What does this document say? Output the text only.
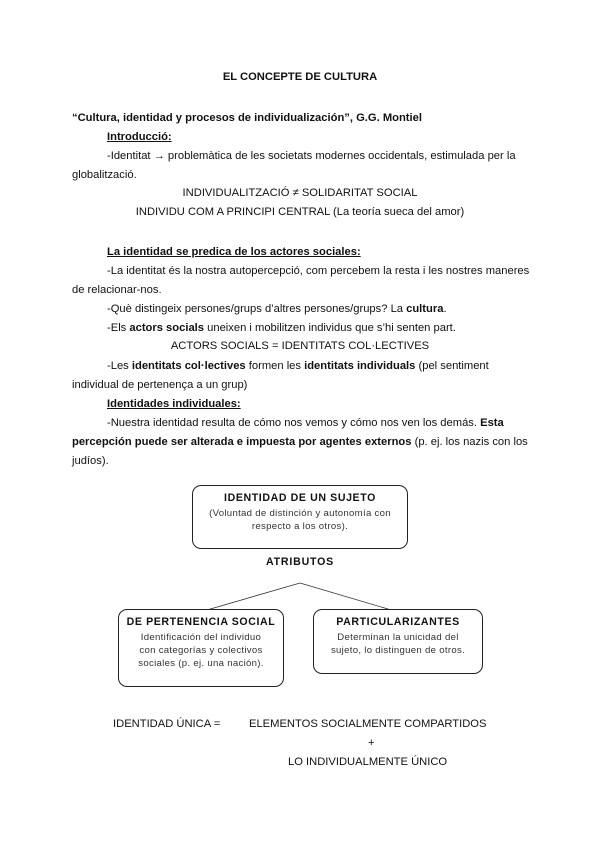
EL CONCEPTE DE CULTURA
“Cultura, identidad y procesos de individualización”, G.G. Montiel
Introducció:
-Identitat → problemàtica de les societats modernes occidentals, estimulada per la
globalització.
INDIVIDUALITZACIÓ ≠ SOLIDARITAT SOCIAL
INDIVIDU COM A PRINCIPI CENTRAL (La teoría sueca del amor)
La identidad se predica de los actores sociales:
-La identitat és la nostra autopercepció, com percebem la resta i les nostres maneres
de relacionar-nos.
-Què distingeix persones/grups d’altres persones/grups? La cultura.
-Els actors socials uneixen i mobilitzen individus que s’hi senten part.
ACTORS SOCIALS = IDENTITATS COL·LECTIVES
-Les identitats col·lectives formen les identitats individuals (pel sentiment
individual de pertenença a un grup)
Identidades individuales:
-Nuestra identidad resulta de cómo nos vemos y cómo nos ven los demás. Esta
percepción puede ser alterada e impuesta por agentes externos (p. ej. los nazis con los
judíos).
IDENTIDAD DE UN SUJETO
(Voluntad de distinción y autonomía con
respecto a los otros).
ATRIBUTOS
DE PERTENENCIA SOCIAL
Identificación del individuo
con categorías y colectivos
sociales (p. ej. una nación).
PARTICULARIZANTES
Determinan la unicidad del
sujeto, lo distinguen de otros.
IDENTIDAD ÚNICA =	ELEMENTOS SOCIALMENTE COMPARTIDOS
+
LO INDIVIDUALMENTE ÚNICO
